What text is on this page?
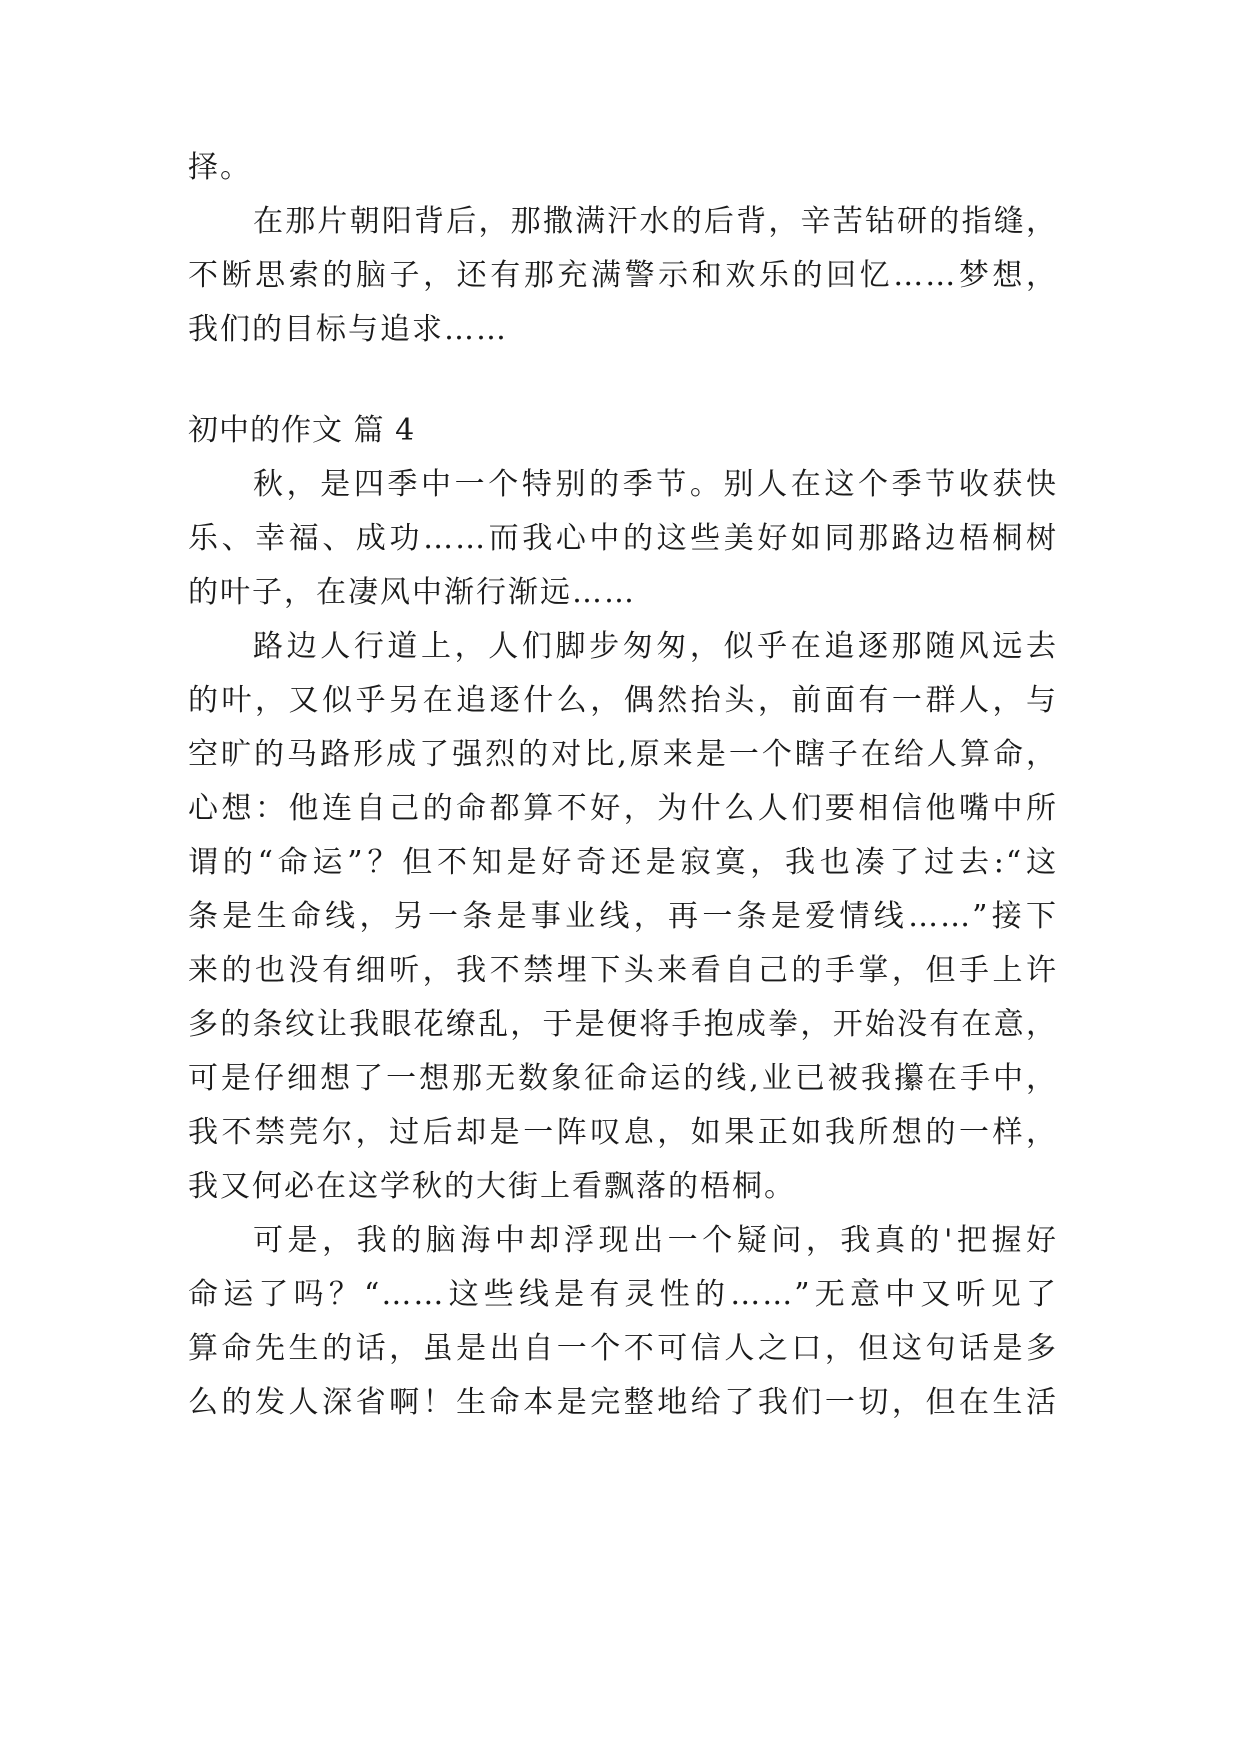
择。
在那片朝阳背后，那撒满汗水的后背，辛苦钻研的指缝，
不断思索的脑子，还有那充满警示和欢乐的回忆……梦想，
我们的目标与追求……
初中的作文 篇 4
秋，是四季中一个特别的季节。别人在这个季节收获快
乐、幸福、成功……而我心中的这些美好如同那路边梧桐树
的叶子，在凄风中渐行渐远……
路边人行道上，人们脚步匆匆，似乎在追逐那随风远去
的叶，又似乎另在追逐什么，偶然抬头，前面有一群人，与
空旷的马路形成了强烈的对比,原来是一个瞎子在给人算命，
心想：他连自己的命都算不好，为什么人们要相信他嘴中所
谓的“命运”？但不知是好奇还是寂寞，我也凑了过去:“这
条是生命线，另一条是事业线，再一条是爱情线……”接下
来的也没有细听，我不禁埋下头来看自己的手掌，但手上许
多的条纹让我眼花缭乱，于是便将手抱成拳，开始没有在意，
可是仔细想了一想那无数象征命运的线,业已被我攥在手中，
我不禁莞尔，过后却是一阵叹息，如果正如我所想的一样，
我又何必在这学秋的大街上看飘落的梧桐。
可是，我的脑海中却浮现出一个疑问，我真的'把握好
命运了吗？“……这些线是有灵性的……”无意中又听见了
算命先生的话，虽是出自一个不可信人之口，但这句话是多
么的发人深省啊！生命本是完整地给了我们一切，但在生活
